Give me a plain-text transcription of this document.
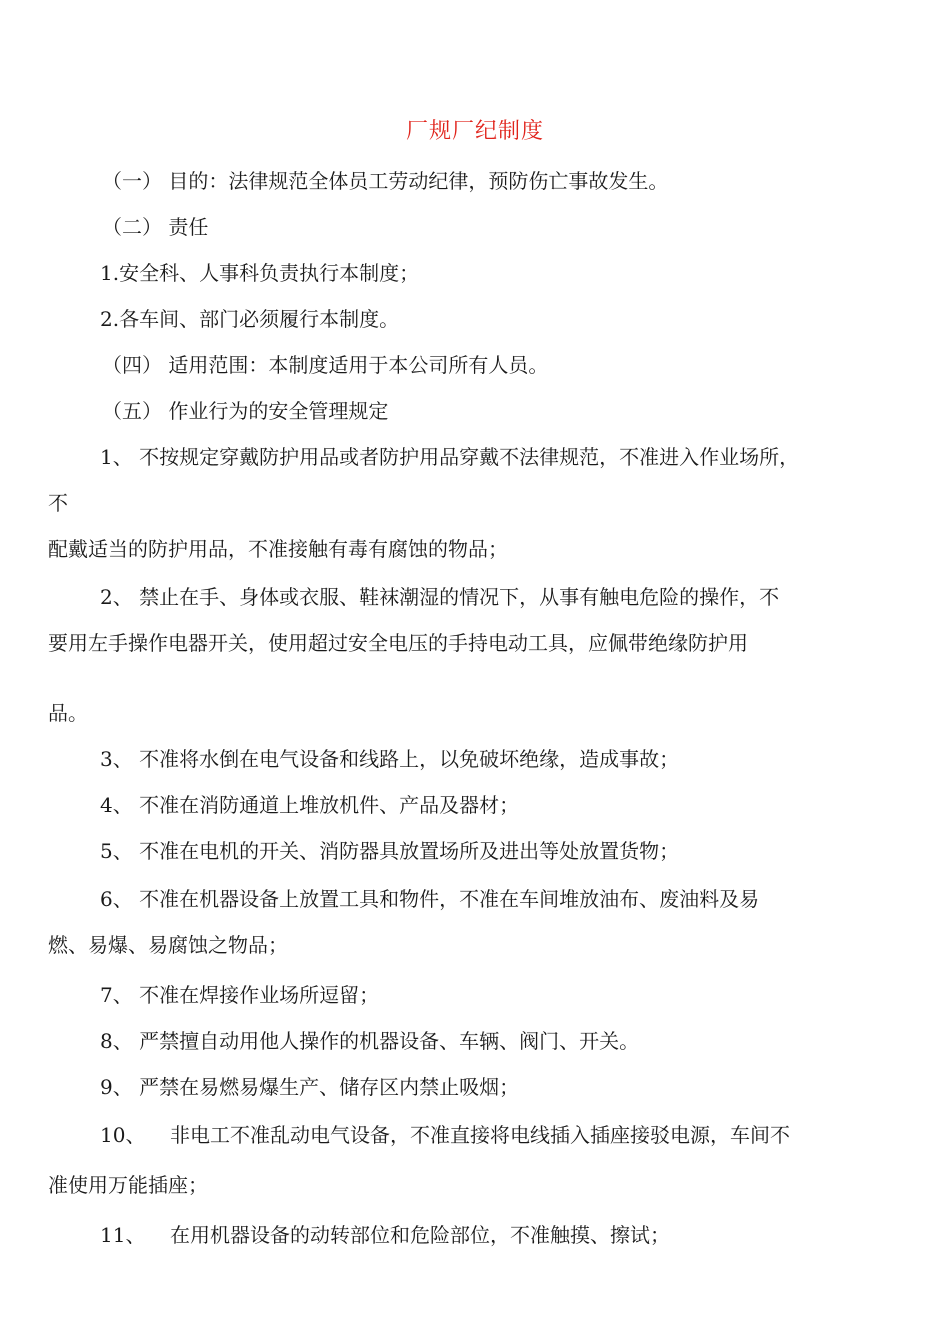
厂规厂纪制度
（一） 目的：法律规范全体员工劳动纪律，预防伤亡事故发生。
（二） 责任
1.安全科、人事科负责执行本制度；
2.各车间、部门必须履行本制度。
（四） 适用范围：本制度适用于本公司所有人员。
（五） 作业行为的安全管理规定
1、 不按规定穿戴防护用品或者防护用品穿戴不法律规范，不准进入作业场所，
不
配戴适当的防护用品，不准接触有毒有腐蚀的物品；
2、 禁止在手、身体或衣服、鞋袜潮湿的情况下，从事有触电危险的操作，不
要用左手操作电器开关，使用超过安全电压的手持电动工具，应佩带绝缘防护用
品。
3、 不准将水倒在电气设备和线路上，以免破坏绝缘，造成事故；
4、 不准在消防通道上堆放机件、产品及器材；
5、 不准在电机的开关、消防器具放置场所及进出等处放置货物；
6、 不准在机器设备上放置工具和物件，不准在车间堆放油布、废油料及易
燃、易爆、易腐蚀之物品；
7、 不准在焊接作业场所逗留；
8、 严禁擅自动用他人操作的机器设备、车辆、阀门、开关。
9、 严禁在易燃易爆生产、储存区内禁止吸烟；
10、 非电工不准乱动电气设备，不准直接将电线插入插座接驳电源，车间不
准使用万能插座；
11、 在用机器设备的动转部位和危险部位，不准触摸、擦试；
